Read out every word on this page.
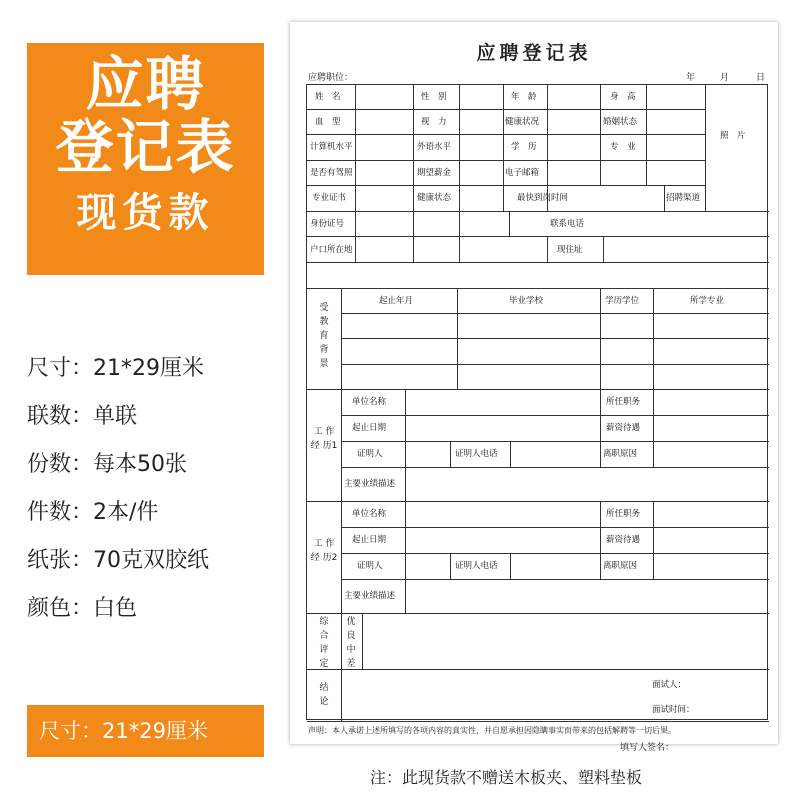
应聘
登记表
现货款
尺寸：21*29厘米
联数：单联
份数：每本50张
件数：2本/件
纸张：70克双胶纸
颜色：白色
尺寸：21*29厘米
应聘登记表
应聘职位：	年	月	日
姓　名	性　别	年　龄	身　高
血　型	视　力	健康状况	婚姻状态
计算机水平	外语水平	学　历	专　业
是否有驾照	期望薪金	电子邮箱
专业证书	健康状态	最快到岗时间	招聘渠道
照　片
身份证号	联系电话
户口所在地	现住址
受教育背景
起止年月	毕业学校	学历学位	所学专业
工 作 经 历1
单位名称	所任职务
起止日期	薪资待遇
证明人	证明人电话	离职原因
主要业绩描述
工 作 经 历2
单位名称	所任职务
起止日期	薪资待遇
证明人	证明人电话	离职原因
主要业绩描述
综合评定
优良中差
结论
面试人：
面试时间：
声明：本人承诺上述所填写的各项内容的真实性，并自愿承担因隐瞒事实而带来的包括解聘等一切后果。
填写人签名：
注：此现货款不赠送木板夹、塑料垫板
